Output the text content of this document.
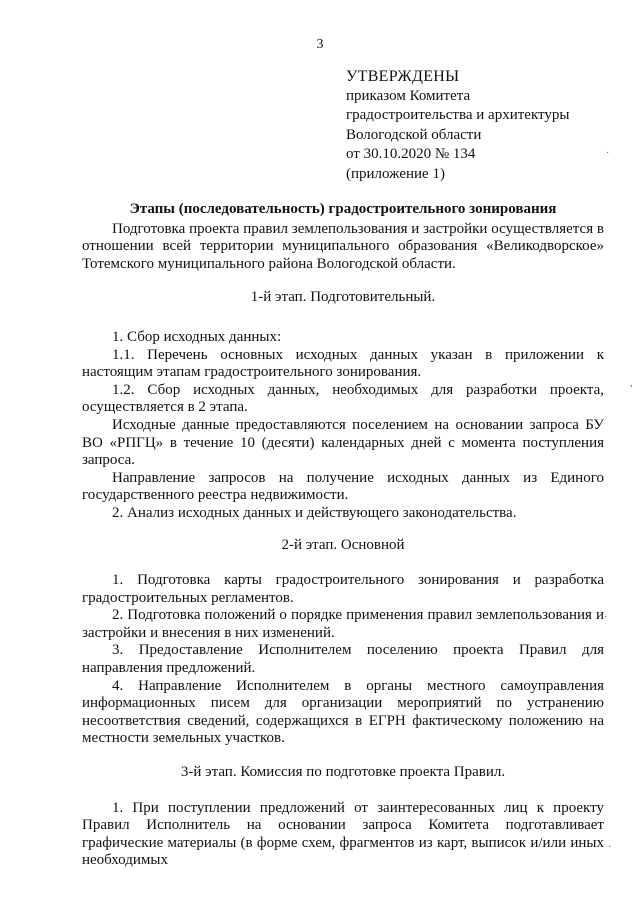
3
УТВЕРЖДЕНЫ
приказом Комитета
градостроительства и архитектуры
Вологодской области
от 30.10.2020 № 134
(приложение 1)
Этапы (последовательность) градостроительного зонирования

Подготовка проекта правил землепользования и застройки осуществляется в отношении всей территории муниципального образования «Великодворское» Тотемского муниципального района Вологодской области.

1-й этап. Подготовительный.

1. Сбор исходных данных:

1.1. Перечень основных исходных данных указан в приложении к настоящим этапам градостроительного зонирования.

1.2. Сбор исходных данных, необходимых для разработки проекта, осуществляется в 2 этапа.

Исходные данные предоставляются поселением на основании запроса БУ ВО «РПГЦ» в течение 10 (десяти) календарных дней с момента поступления запроса.

Направление запросов на получение исходных данных из Единого государственного реестра недвижимости.

2. Анализ исходных данных и действующего законодательства.

2-й этап. Основной

1. Подготовка карты градостроительного зонирования и разработка градостроительных регламентов.

2. Подготовка положений о порядке применения правил землепользования и застройки и внесения в них изменений.

3. Предоставление Исполнителем поселению проекта Правил для направления предложений.

4. Направление Исполнителем в органы местного самоуправления информационных писем для организации мероприятий по устранению несоответствия сведений, содержащихся в ЕГРН фактическому положению на местности земельных участков.

3-й этап. Комиссия по подготовке проекта Правил.

1. При поступлении предложений от заинтересованных лиц к проекту Правил Исполнитель на основании запроса Комитета подготавливает графические материалы (в форме схем, фрагментов из карт, выписок и/или иных необходимых

·
,
·
·
